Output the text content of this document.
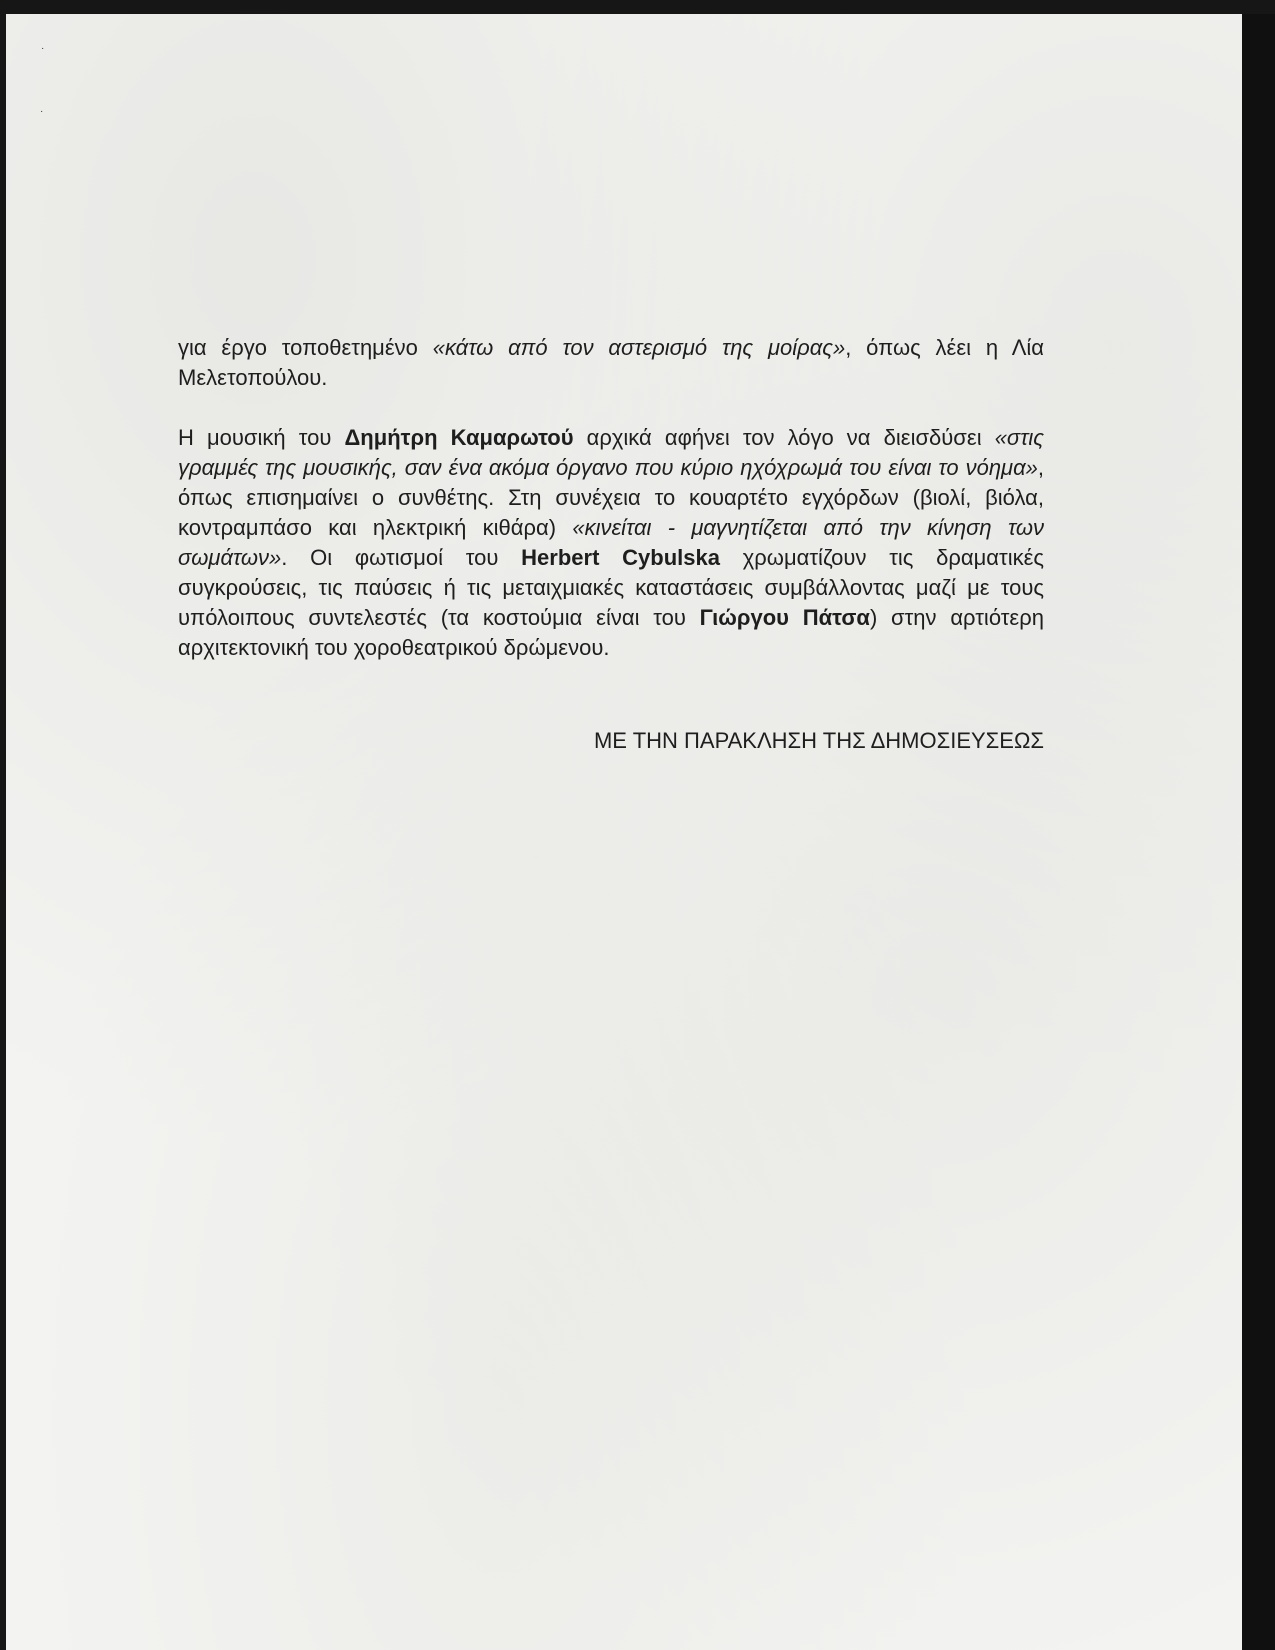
·
·

για έργο τοποθετημένο «κάτω από τον αστερισμό της μοίρας», όπως λέει η Λία Μελετοπούλου.

Η μουσική του Δημήτρη Καμαρωτού αρχικά αφήνει τον λόγο να διεισδύσει «στις γραμμές της μουσικής, σαν ένα ακόμα όργανο που κύριο ηχόχρωμά του είναι το νόημα», όπως επισημαίνει ο συνθέτης. Στη συνέχεια το κουαρτέτο εγχόρδων (βιολί, βιόλα, κοντραμπάσο και ηλεκτρική κιθάρα) «κινείται - μαγνητίζεται από την κίνηση των σωμάτων». Οι φωτισμοί του Herbert Cybulska χρωματίζουν τις δραματικές συγκρούσεις, τις παύσεις ή τις μεταιχμιακές καταστάσεις συμβάλλοντας μαζί με τους υπόλοιπους συντελεστές (τα κοστούμια είναι του Γιώργου Πάτσα) στην αρτιότερη αρχιτεκτονική του χοροθεατρικού δρώμενου.

ΜΕ ΤΗΝ ΠΑΡΑΚΛΗΣΗ ΤΗΣ ΔΗΜΟΣΙΕΥΣΕΩΣ
